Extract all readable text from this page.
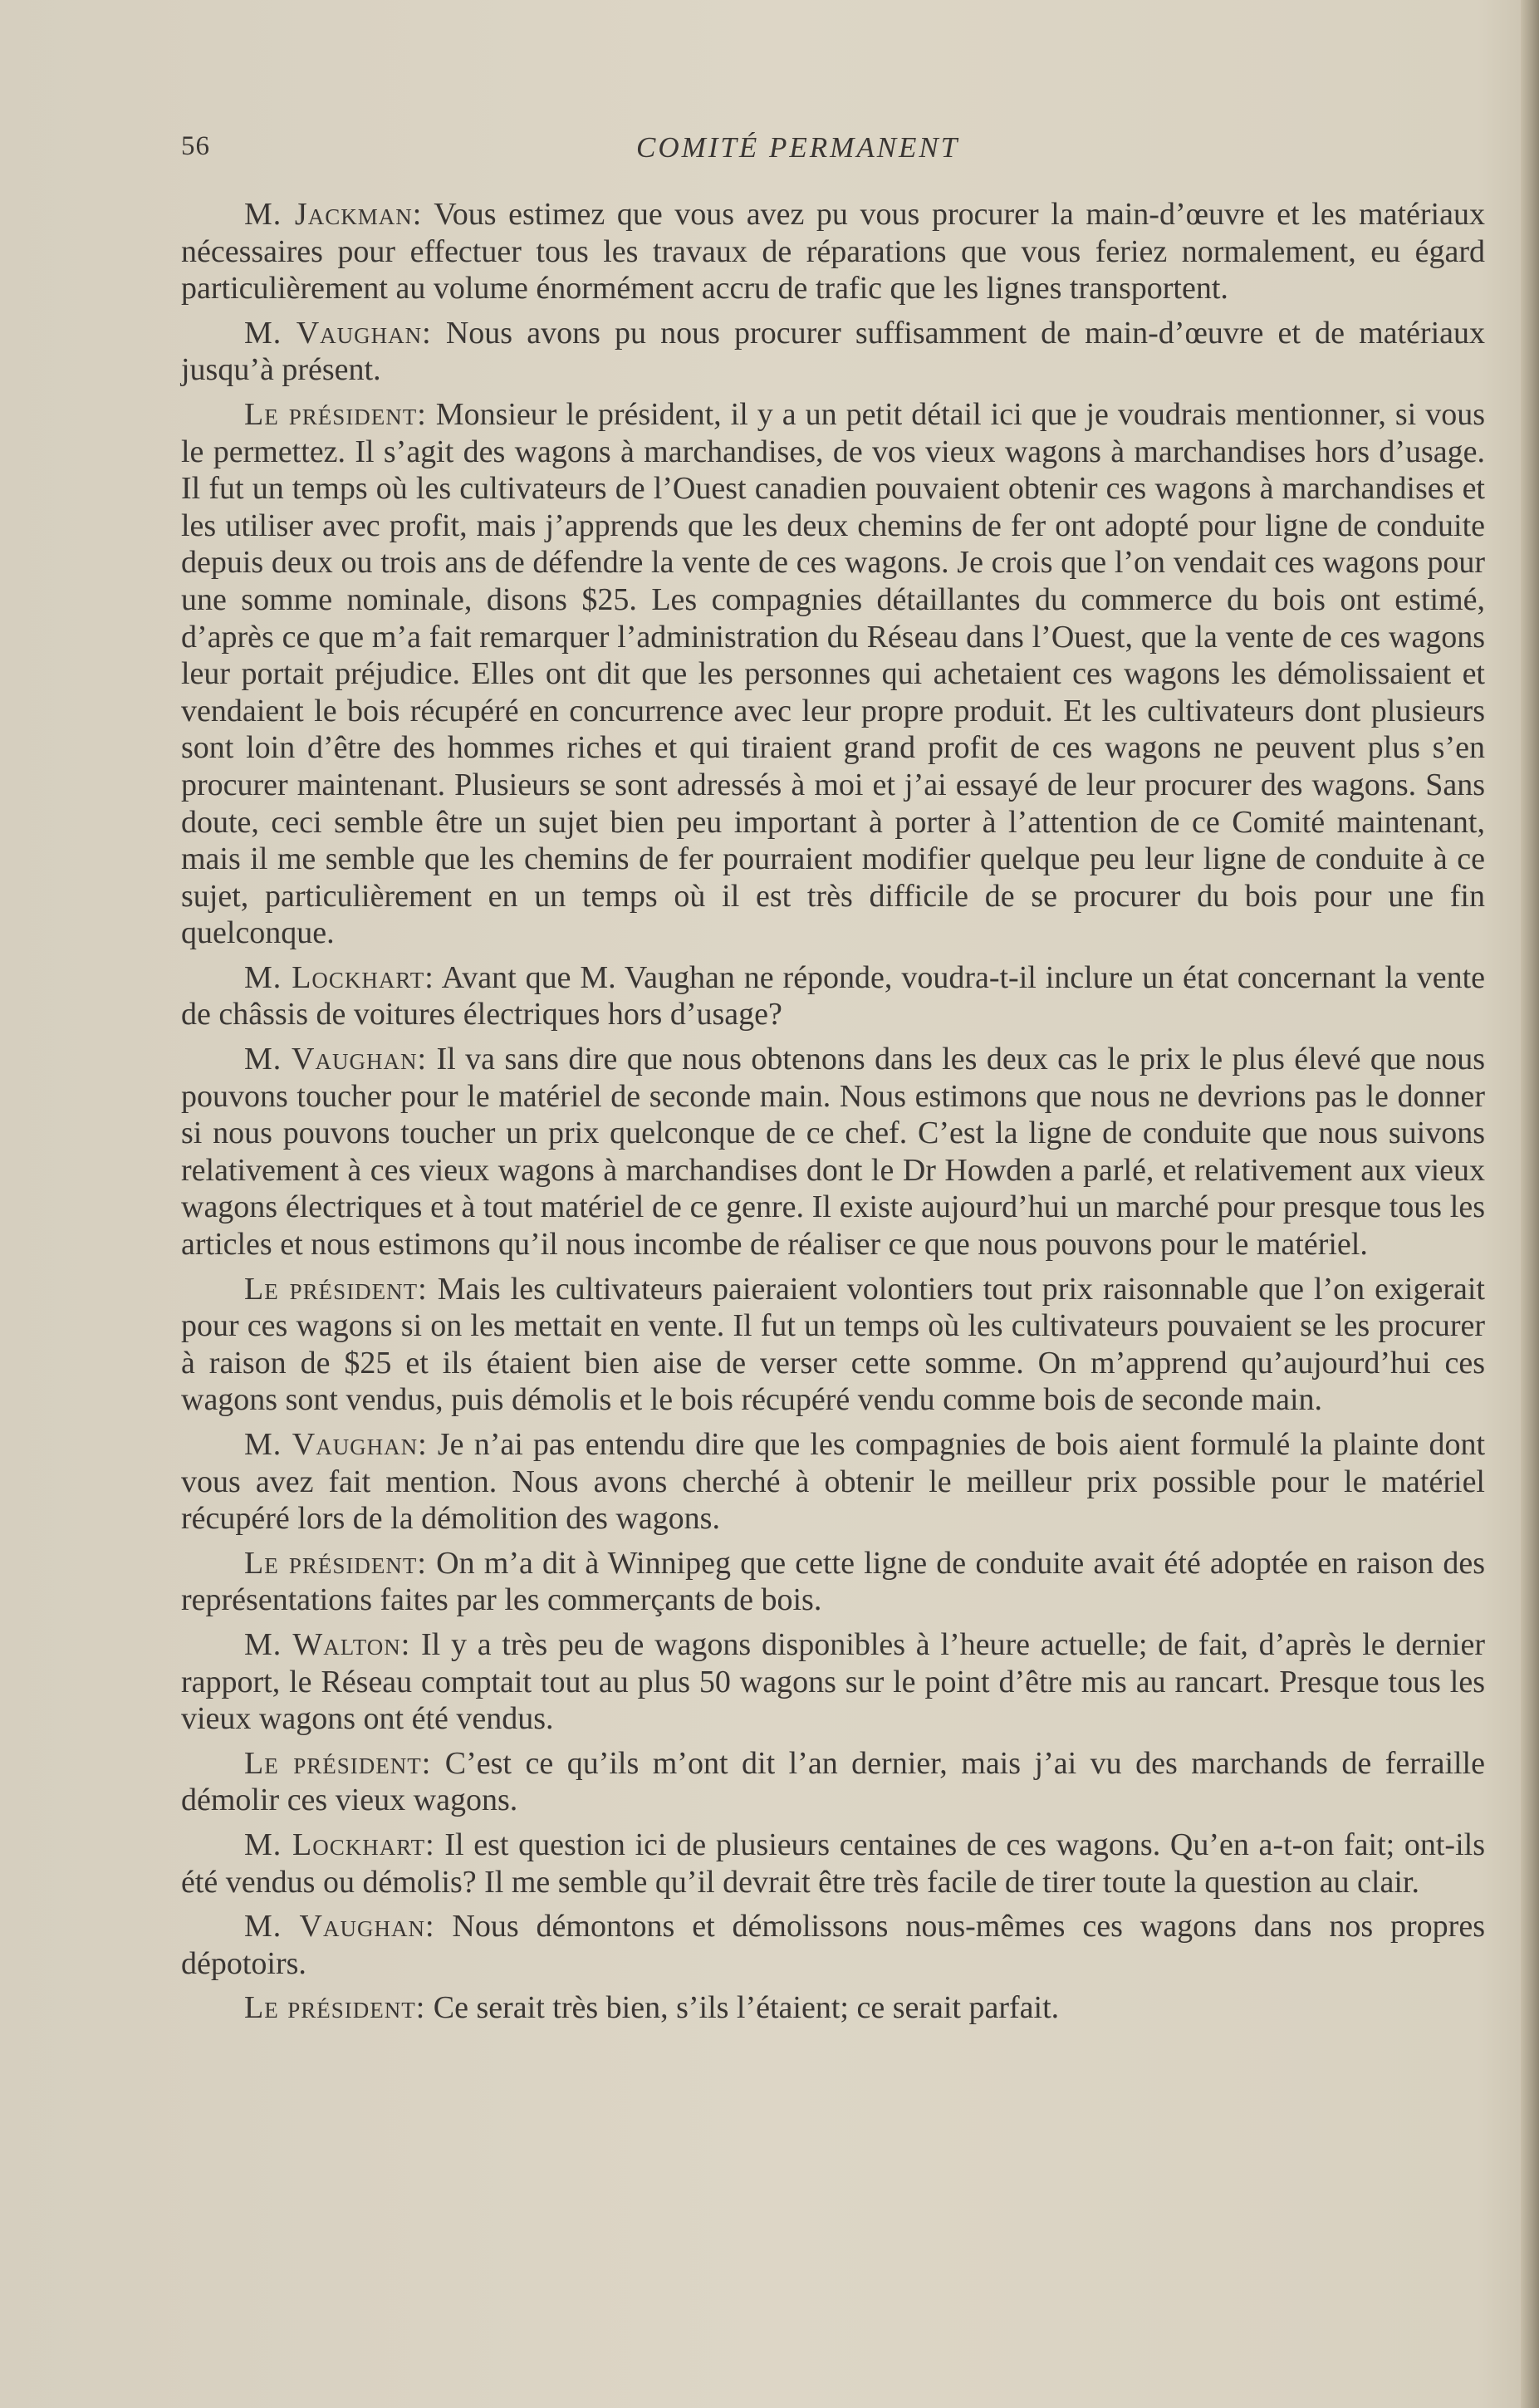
56	COMITÉ PERMANENT

M. Jackman: Vous estimez que vous avez pu vous procurer la main-d’œuvre et les matériaux nécessaires pour effectuer tous les travaux de réparations que vous feriez normalement, eu égard particulièrement au volume énormément accru de trafic que les lignes transportent.

M. Vaughan: Nous avons pu nous procurer suffisamment de main-d’œuvre et de matériaux jusqu’à présent.

Le président: Monsieur le président, il y a un petit détail ici que je voudrais mentionner, si vous le permettez. Il s’agit des wagons à marchandises, de vos vieux wagons à marchandises hors d’usage. Il fut un temps où les cultivateurs de l’Ouest canadien pouvaient obtenir ces wagons à marchandises et les utiliser avec profit, mais j’apprends que les deux chemins de fer ont adopté pour ligne de conduite depuis deux ou trois ans de défendre la vente de ces wagons. Je crois que l’on vendait ces wagons pour une somme nominale, disons $25. Les compagnies détaillantes du commerce du bois ont estimé, d’après ce que m’a fait remarquer l’administration du Réseau dans l’Ouest, que la vente de ces wagons leur portait préjudice. Elles ont dit que les personnes qui achetaient ces wagons les démolissaient et vendaient le bois récupéré en concurrence avec leur propre produit. Et les cultivateurs dont plusieurs sont loin d’être des hommes riches et qui tiraient grand profit de ces wagons ne peuvent plus s’en procurer maintenant. Plusieurs se sont adressés à moi et j’ai essayé de leur procurer des wagons. Sans doute, ceci semble être un sujet bien peu important à porter à l’attention de ce Comité maintenant, mais il me semble que les chemins de fer pourraient modifier quelque peu leur ligne de conduite à ce sujet, particulièrement en un temps où il est très difficile de se procurer du bois pour une fin quelconque.

M. Lockhart: Avant que M. Vaughan ne réponde, voudra-t-il inclure un état concernant la vente de châssis de voitures électriques hors d’usage?

M. Vaughan: Il va sans dire que nous obtenons dans les deux cas le prix le plus élevé que nous pouvons toucher pour le matériel de seconde main. Nous estimons que nous ne devrions pas le donner si nous pouvons toucher un prix quelconque de ce chef. C’est la ligne de conduite que nous suivons relativement à ces vieux wagons à marchandises dont le Dr Howden a parlé, et relativement aux vieux wagons électriques et à tout matériel de ce genre. Il existe aujourd’hui un marché pour presque tous les articles et nous estimons qu’il nous incombe de réaliser ce que nous pouvons pour le matériel.

Le président: Mais les cultivateurs paieraient volontiers tout prix raisonnable que l’on exigerait pour ces wagons si on les mettait en vente. Il fut un temps où les cultivateurs pouvaient se les procurer à raison de $25 et ils étaient bien aise de verser cette somme. On m’apprend qu’aujourd’hui ces wagons sont vendus, puis démolis et le bois récupéré vendu comme bois de seconde main.

M. Vaughan: Je n’ai pas entendu dire que les compagnies de bois aient formulé la plainte dont vous avez fait mention. Nous avons cherché à obtenir le meilleur prix possible pour le matériel récupéré lors de la démolition des wagons.

Le président: On m’a dit à Winnipeg que cette ligne de conduite avait été adoptée en raison des représentations faites par les commerçants de bois.

M. Walton: Il y a très peu de wagons disponibles à l’heure actuelle; de fait, d’après le dernier rapport, le Réseau comptait tout au plus 50 wagons sur le point d’être mis au rancart. Presque tous les vieux wagons ont été vendus.

Le président: C’est ce qu’ils m’ont dit l’an dernier, mais j’ai vu des marchands de ferraille démolir ces vieux wagons.

M. Lockhart: Il est question ici de plusieurs centaines de ces wagons. Qu’en a-t-on fait; ont-ils été vendus ou démolis? Il me semble qu’il devrait être très facile de tirer toute la question au clair.

M. Vaughan: Nous démontons et démolissons nous-mêmes ces wagons dans nos propres dépotoirs.

Le président: Ce serait très bien, s’ils l’étaient; ce serait parfait.
